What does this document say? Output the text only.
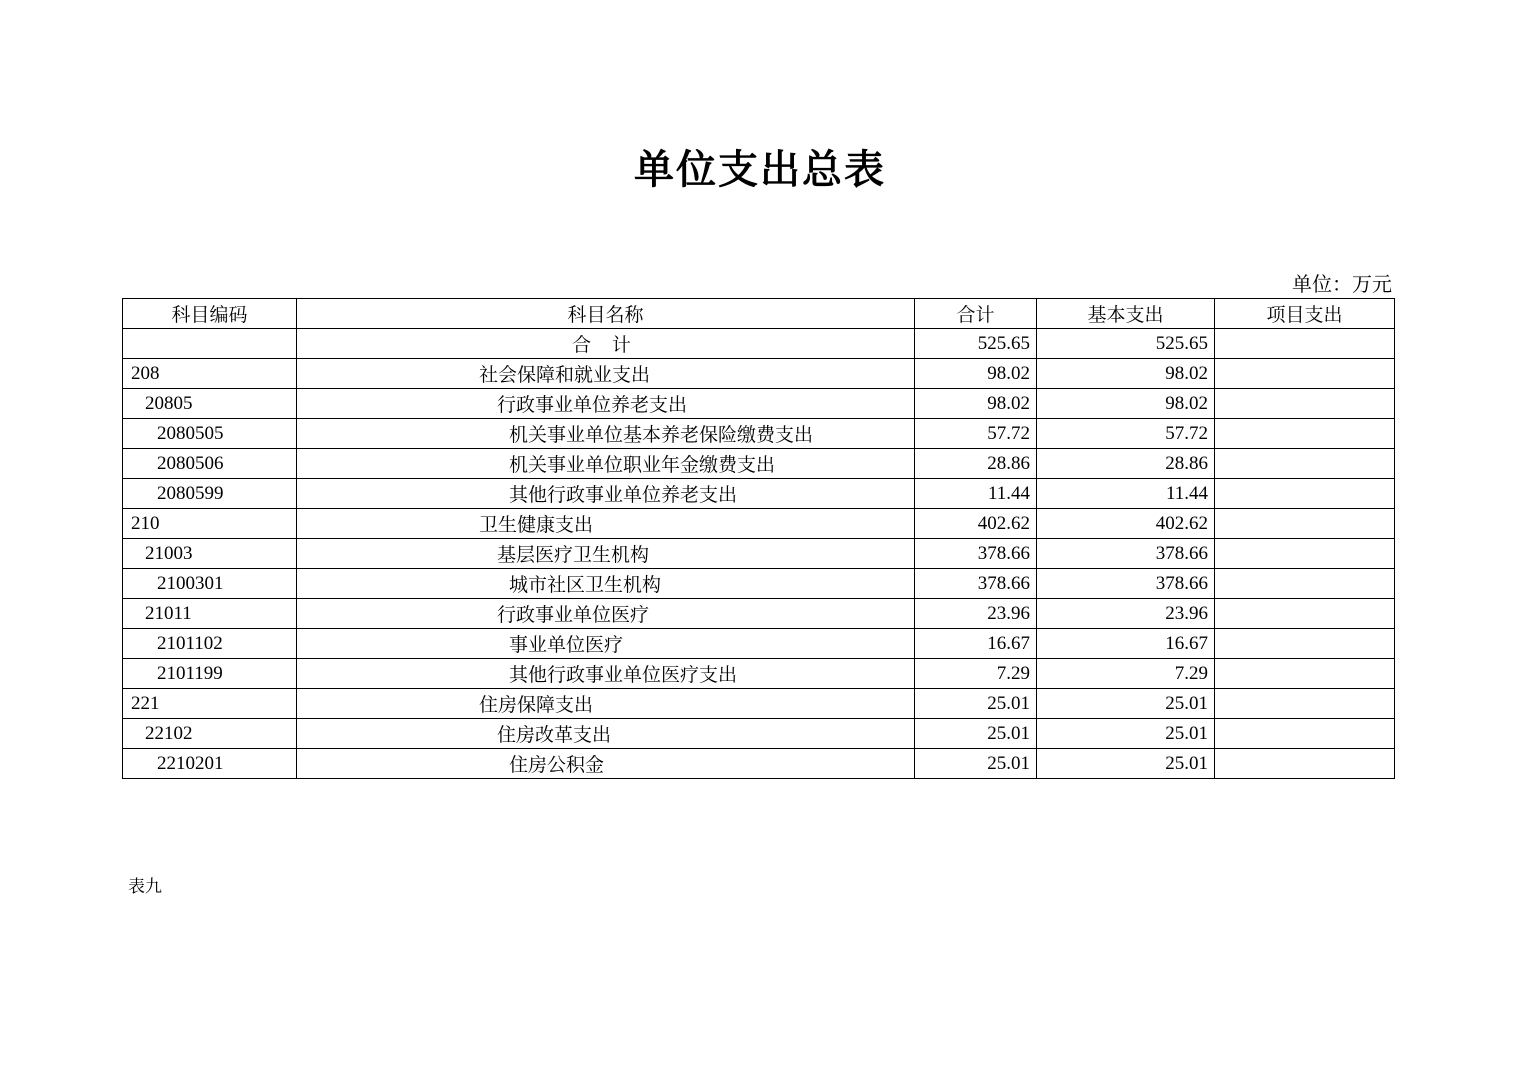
单位支出总表
单位：万元
科目编码	科目名称	合计	基本支出	项目支出
	合 计	525.65	525.65	
208	社会保障和就业支出	98.02	98.02	
20805	行政事业单位养老支出	98.02	98.02	
2080505	机关事业单位基本养老保险缴费支出	57.72	57.72	
2080506	机关事业单位职业年金缴费支出	28.86	28.86	
2080599	其他行政事业单位养老支出	11.44	11.44	
210	卫生健康支出	402.62	402.62	
21003	基层医疗卫生机构	378.66	378.66	
2100301	城市社区卫生机构	378.66	378.66	
21011	行政事业单位医疗	23.96	23.96	
2101102	事业单位医疗	16.67	16.67	
2101199	其他行政事业单位医疗支出	7.29	7.29	
221	住房保障支出	25.01	25.01	
22102	住房改革支出	25.01	25.01	
2210201	住房公积金	25.01	25.01	
表九
